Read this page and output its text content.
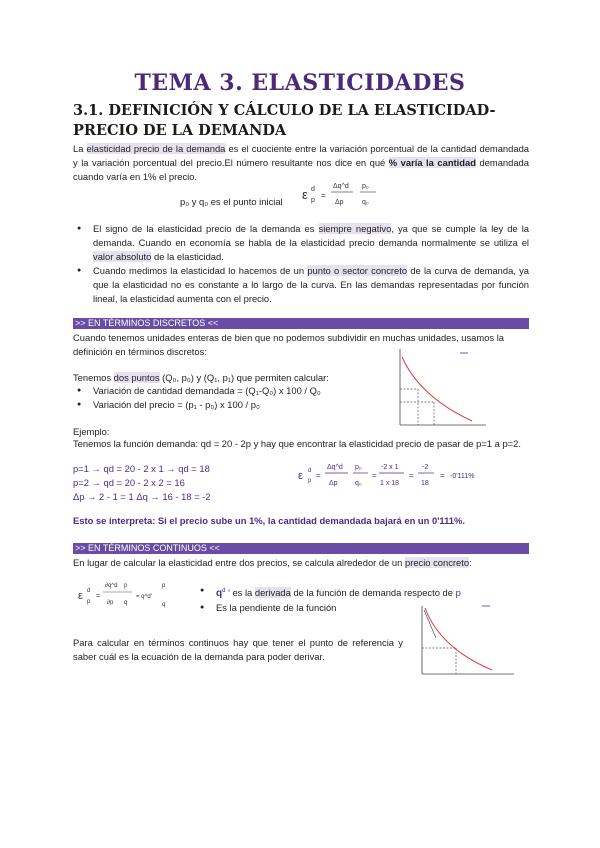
TEMA 3. ELASTICIDADES
3.1. DEFINICIÓN Y CÁLCULO DE LA ELASTICIDAD-PRECIO DE LA DEMANDA
La elasticidad precio de la demanda es el cuociente entre la variación porcentual de la cantidad demandada y la variación porcentual del precio.El número resultante nos dice en qué % varía la cantidad demandada cuando varía en 1% el precio.
p₀ y q₀ es el punto inicial ε d
p
=
Δq^d
Δp
p₀
q₀
● El signo de la elasticidad precio de la demanda es siempre negativo, ya que se cumple la ley de la demanda. Cuando en economía se habla de la elasticidad precio demanda normalmente se utiliza el valor absoluto de la elasticidad.
● Cuando medimos la elasticidad lo hacemos de un punto o sector concreto de la curva de demanda, ya que la elasticidad no es constante a lo largo de la curva. En las demandas representadas por función lineal, la elasticidad aumenta con el precio.
>> EN TÉRMINOS DISCRETOS <<
Cuando tenemos unidades enteras de bien que no podemos subdividir en muchas unidades, usamos la definición en términos discretos:
Tenemos dos puntos (Q₀, p₀) y (Q₁, p₁) que permiten calcular:
● Variación de cantidad demandada = (Q₁-Q₀) x 100 / Q₀
● Variación del precio = (p₁ - p₀) x 100 / p₀
Ejemplo:
Tenemos la función demanda: qd = 20 - 2p y hay que encontrar la elasticidad precio de pasar de p=1 a p=2.
p=1 → qd = 20 - 2 x 1 → qd = 18
p=2 → qd = 20 - 2 x 2 = 16
Δp → 2 - 1 = 1 Δq → 16 - 18 = -2
ε d
p
=
Δq^d
Δp
p₀
q₀
=
-2 x 1
1 x 18
=
-2
18
= -0'111%
Esto se interpreta: Si el precio sube un 1%, la cantidad demandada bajará en un 0'111%.
>> EN TÉRMINOS CONTINUOS <<
En lugar de calcular la elasticidad entre dos precios, se calcula alrededor de un precio concreto:
ε d
p
=
∂q^d p
∂p q
= q^d'
p
q
● $q^d$ ' es la derivada de la función de demanda respecto de p
● Es la pendiente de la función
Para calcular en términos continuos hay que tener el punto de referencia y saber cuál es la ecuación de la demanda para poder derivar.
